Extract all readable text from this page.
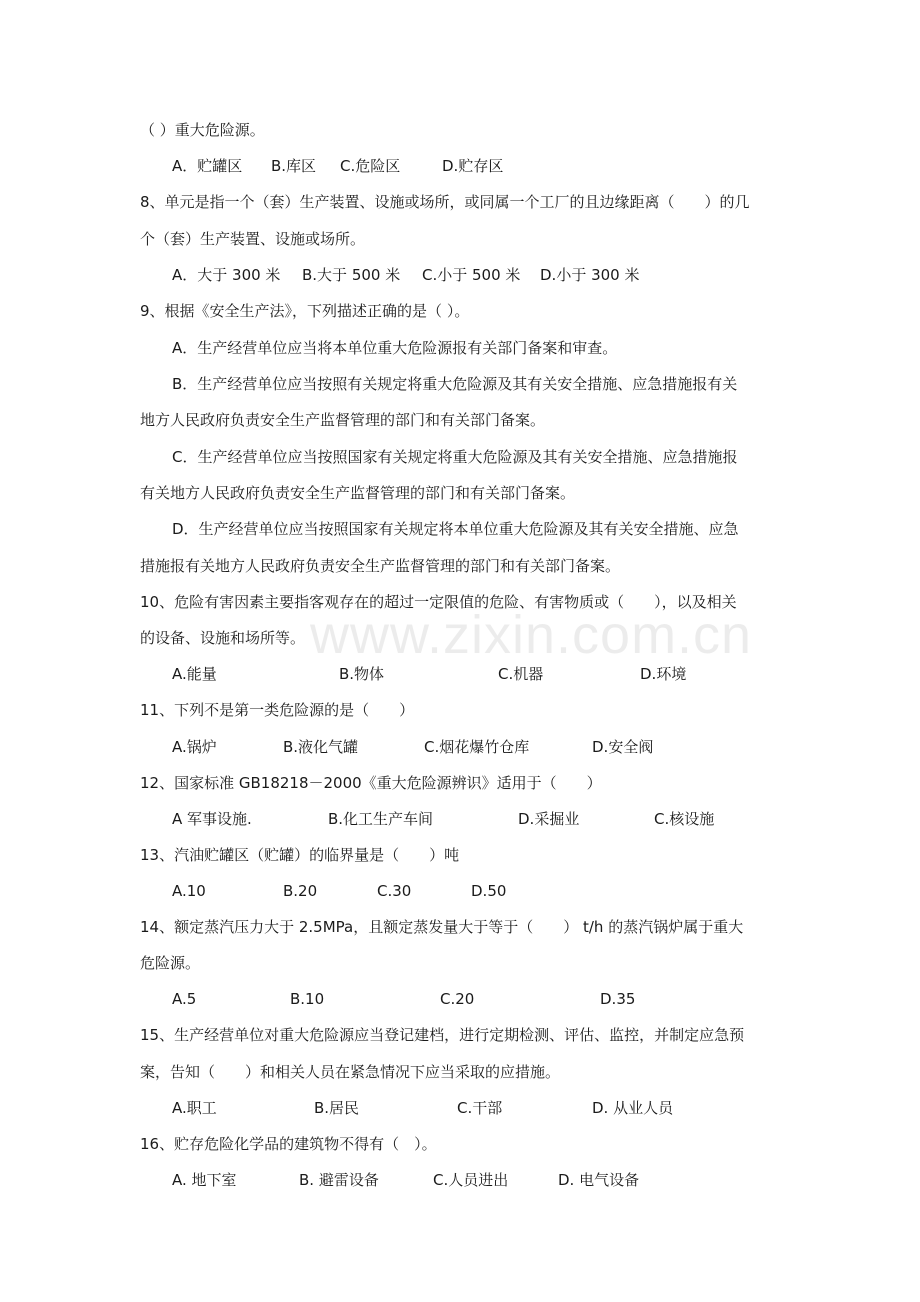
www.zixin.com.cn
（ ）重大危险源。
A．贮罐区 B.库区 C.危险区	D.贮存区
8、单元是指一个（套）生产装置、设施或场所，或同属一个工厂的且边缘距离（　　）的几
个（套）生产装置、设施或场所。
A．大于 300 米 B.大于 500 米 C.小于 500 米 D.小于 300 米
9、根据《安全生产法》，下列描述正确的是（ ）。
A．生产经营单位应当将本单位重大危险源报有关部门备案和审查。
B．生产经营单位应当按照有关规定将重大危险源及其有关安全措施、应急措施报有关
地方人民政府负责安全生产监督管理的部门和有关部门备案。
C．生产经营单位应当按照国家有关规定将重大危险源及其有关安全措施、应急措施报
有关地方人民政府负责安全生产监督管理的部门和有关部门备案。
D．生产经营单位应当按照国家有关规定将本单位重大危险源及其有关安全措施、应急
措施报有关地方人民政府负责安全生产监督管理的部门和有关部门备案。
10、危险有害因素主要指客观存在的超过一定限值的危险、有害物质或（　　），以及相关
的设备、设施和场所等。
A.能量	B.物体	C.机器	D.环境
11、下列不是第一类危险源的是（　　）
A.锅炉	B.液化气罐	C.烟花爆竹仓库	D.安全阀
12、国家标准 GB18218－2000《重大危险源辨识》适用于（　　）
A 军事设施.	B.化工生产车间	D.采掘业	C.核设施
13、汽油贮罐区（贮罐）的临界量是（　　）吨
A.10	B.20	C.30	D.50
14、额定蒸汽压力大于 2.5MPa，且额定蒸发量大于等于（　　） t/h 的蒸汽锅炉属于重大
危险源。
A.5	B.10	C.20	D.35
15、生产经营单位对重大危险源应当登记建档，进行定期检测、评估、监控，并制定应急预
案，告知（　　）和相关人员在紧急情况下应当采取的应措施。
A.职工	B.居民	C.干部	D. 从业人员
16、贮存危险化学品的建筑物不得有（　）。
A. 地下室	B. 避雷设备	C.人员进出	D. 电气设备
